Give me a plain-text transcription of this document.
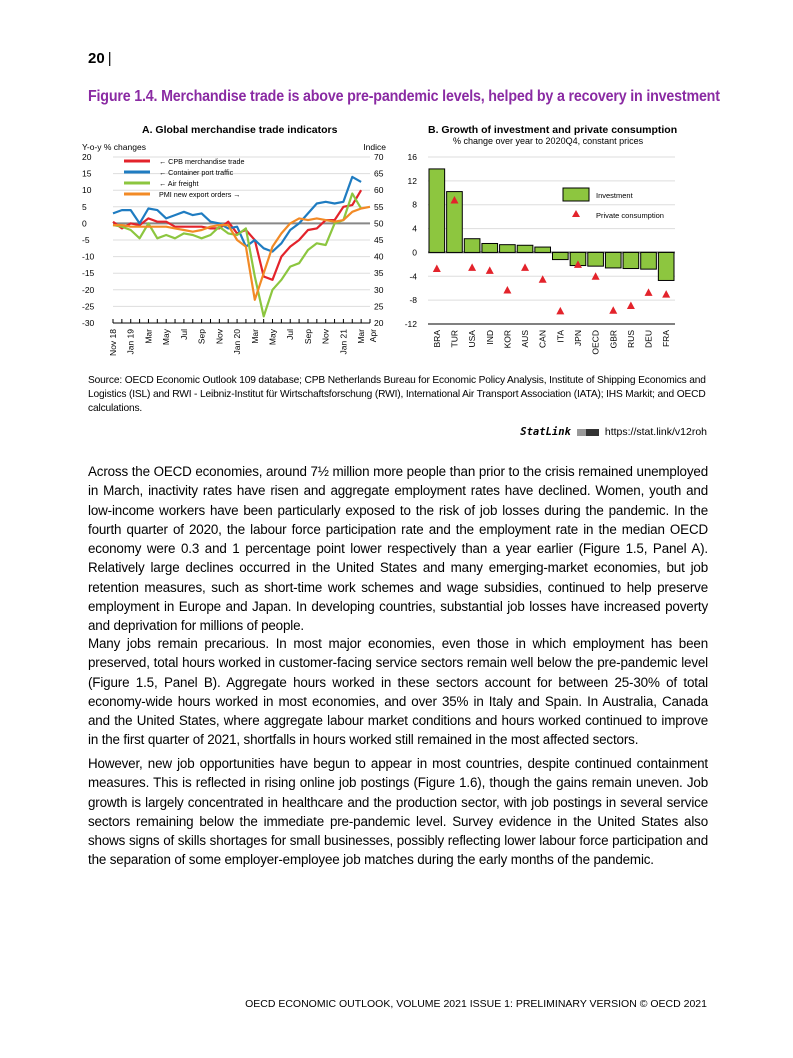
20 |
Figure 1.4. Merchandise trade is above pre-pandemic levels, helped by a recovery in investment
A. Global merchandise trade indicators
Y-o-y % changes	Indice
20
15
10
5
0
-5
-10
-15
-20
-25
-30
70
65
60
55
50
45
40
35
30
25
20
Nov 18 Jan 19 Mar May Jul Sep Nov Jan 20 Mar May Jul Sep Nov Jan 21 Mar Apr
← CPB merchandise trade
← Container port traffic
← Air freight
PMI new export orders →
B. Growth of investment and private consumption
% change over year to 2020Q4, constant prices
16
12
8
4
0
-4
-8
-12
BRA TUR USA IND KOR AUS CAN ITA JPN OECD GBR RUS DEU FRA
Investment
Private consumption
Source: OECD Economic Outlook 109 database; CPB Netherlands Bureau for Economic Policy Analysis, Institute of Shipping Economics and Logistics (ISL) and RWI - Leibniz-Institut für Wirtschaftsforschung (RWI), International Air Transport Association (IATA); IHS Markit; and OECD calculations.
StatLink	https://stat.link/v12roh
Across the OECD economies, around 7½ million more people than prior to the crisis remained unemployed in March, inactivity rates have risen and aggregate employment rates have declined. Women, youth and low-income workers have been particularly exposed to the risk of job losses during the pandemic. In the fourth quarter of 2020, the labour force participation rate and the employment rate in the median OECD economy were 0.3 and 1 percentage point lower respectively than a year earlier (Figure 1.5, Panel A). Relatively large declines occurred in the United States and many emerging-market economies, but job retention measures, such as short-time work schemes and wage subsidies, continued to help preserve employment in Europe and Japan. In developing countries, substantial job losses have increased poverty and deprivation for millions of people.
Many jobs remain precarious. In most major economies, even those in which employment has been preserved, total hours worked in customer-facing service sectors remain well below the pre-pandemic level (Figure 1.5, Panel B). Aggregate hours worked in these sectors account for between 25-30% of total economy-wide hours worked in most economies, and over 35% in Italy and Spain. In Australia, Canada and the United States, where aggregate labour market conditions and hours worked continued to improve in the first quarter of 2021, shortfalls in hours worked still remained in the most affected sectors.
However, new job opportunities have begun to appear in most countries, despite continued containment measures. This is reflected in rising online job postings (Figure 1.6), though the gains remain uneven. Job growth is largely concentrated in healthcare and the production sector, with job postings in several service sectors remaining below the immediate pre-pandemic level. Survey evidence in the United States also shows signs of skills shortages for small businesses, possibly reflecting lower labour force participation and the separation of some employer-employee job matches during the early months of the pandemic.
OECD ECONOMIC OUTLOOK, VOLUME 2021 ISSUE 1: PRELIMINARY VERSION © OECD 2021
